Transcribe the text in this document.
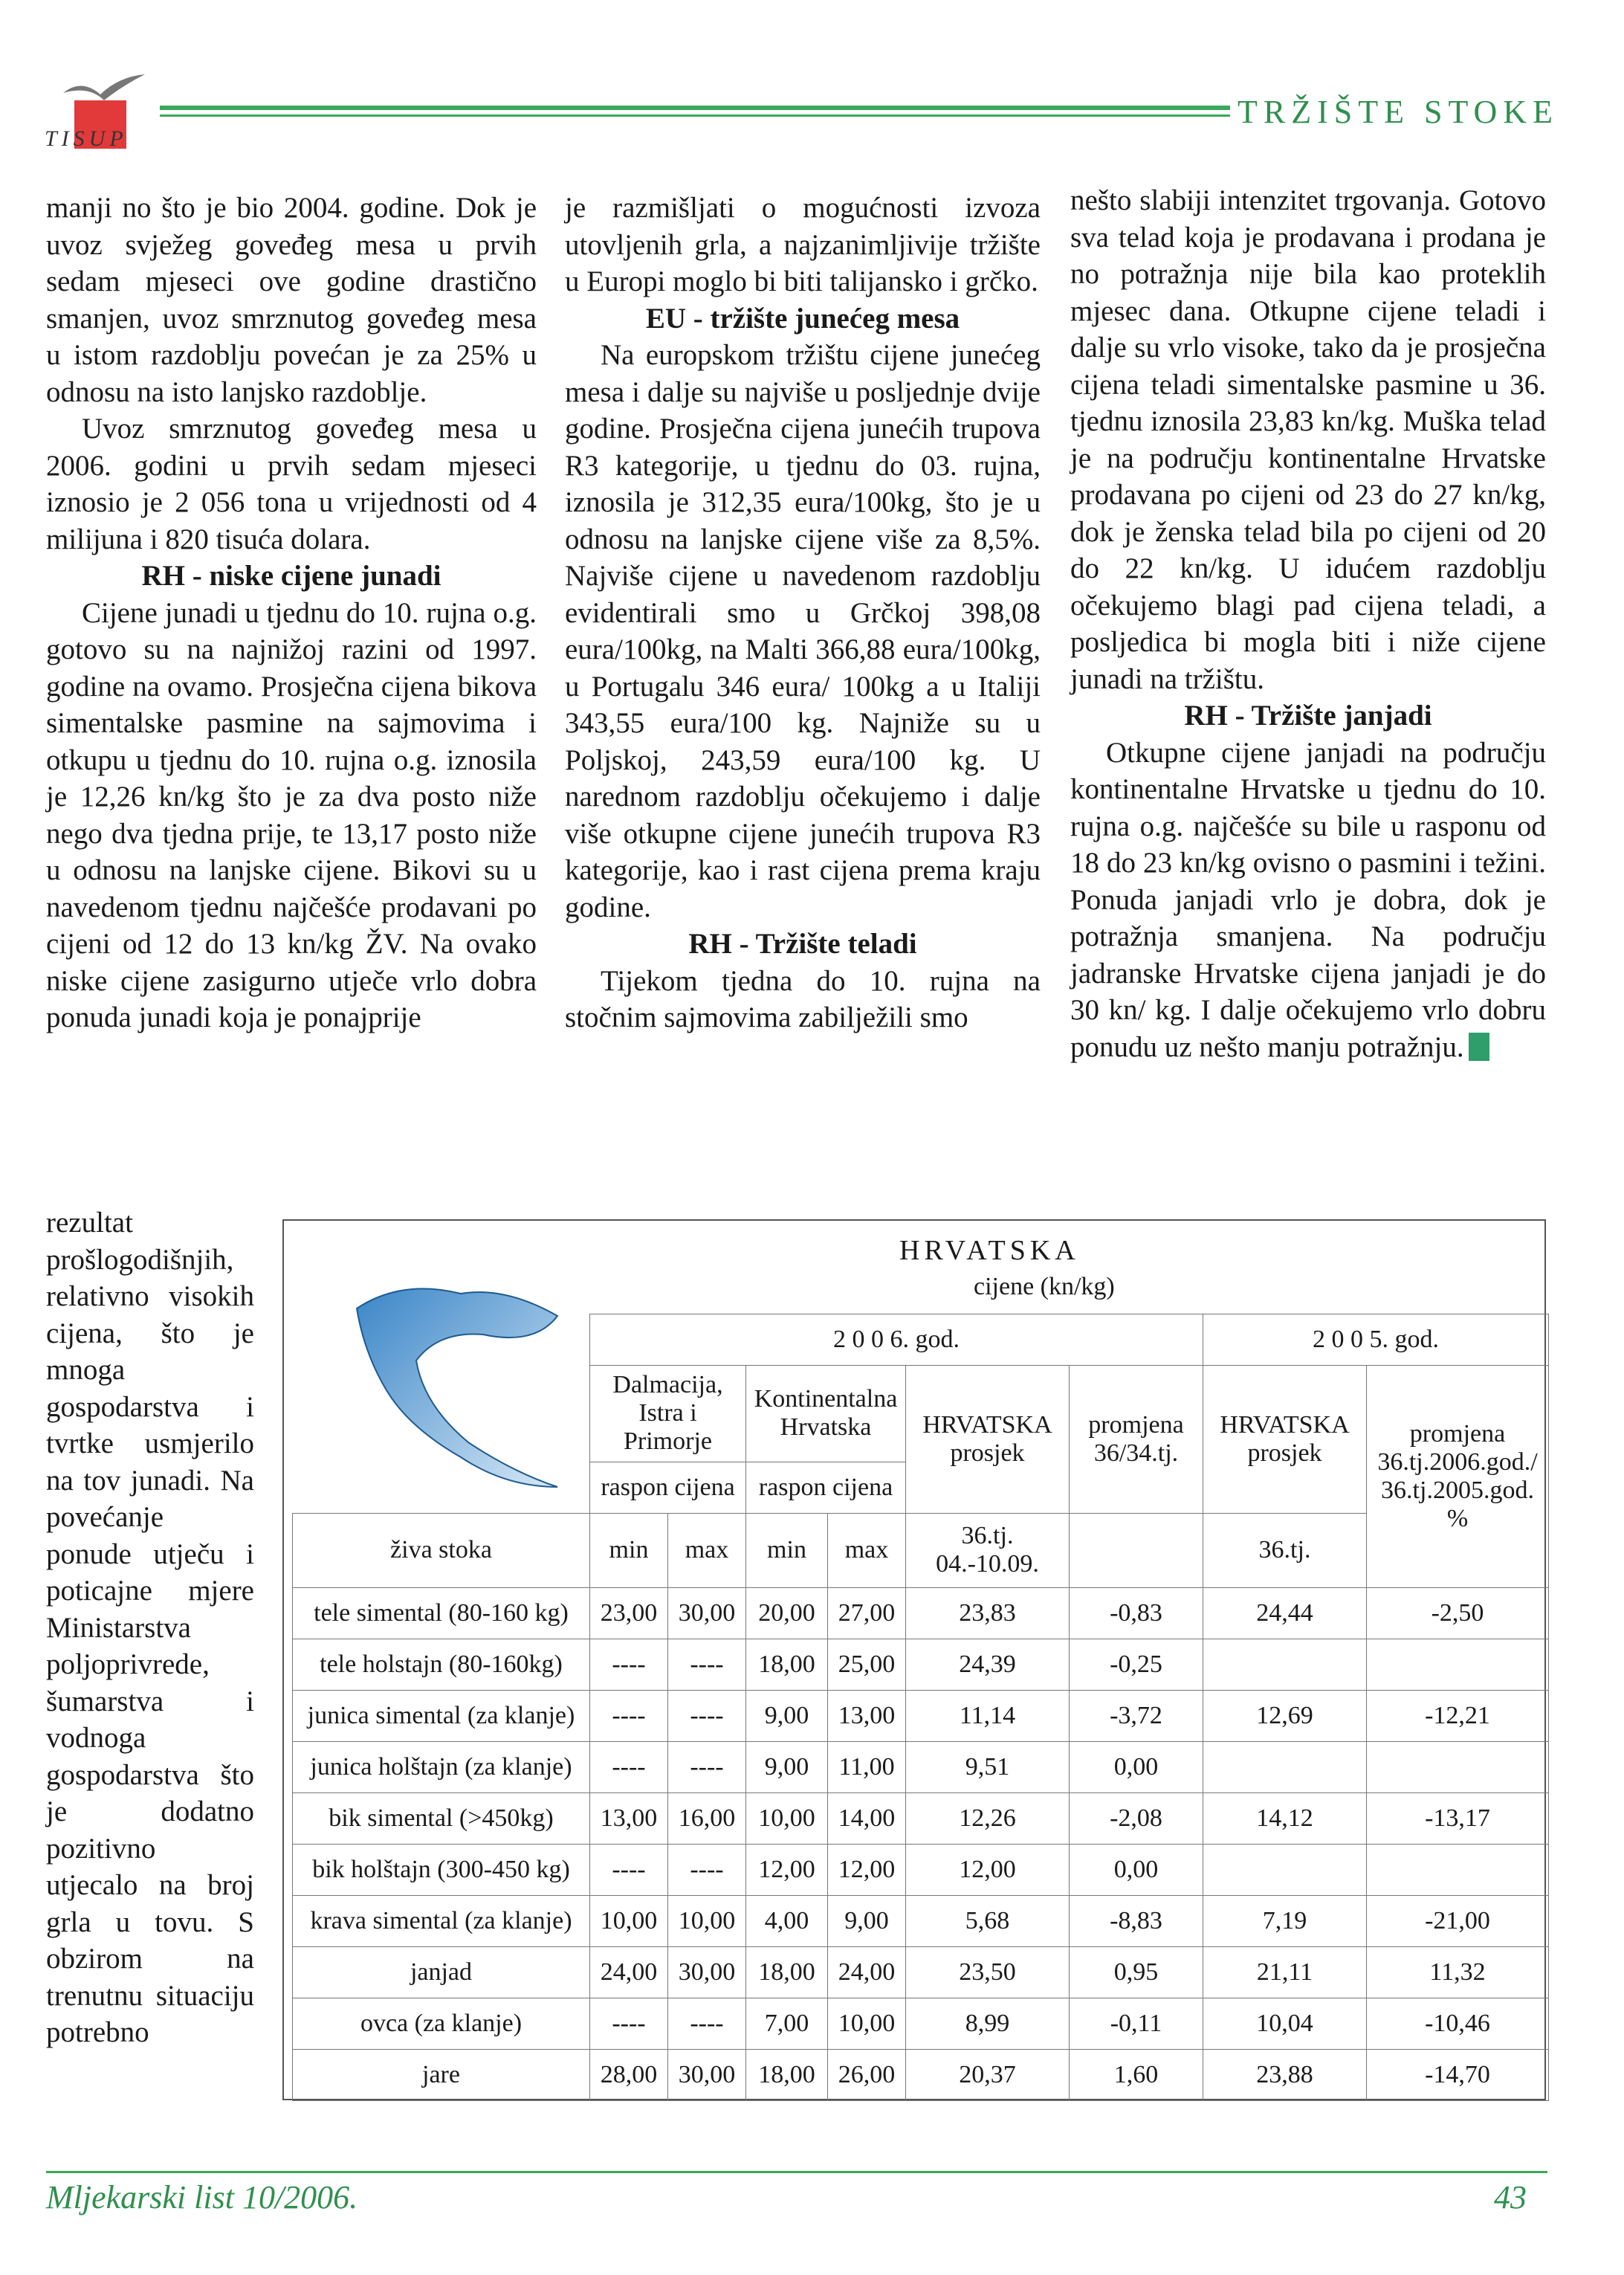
TISUP
TRŽIŠTE STOKE

manji no što je bio 2004. godine. Dok je uvoz svježeg goveđeg mesa u prvih sedam mjeseci ove godine drastično smanjen, uvoz smrznutog goveđeg mesa u istom razdoblju povećan je za 25% u odnosu na isto lanjsko razdoblje.

Uvoz smrznutog goveđeg mesa u 2006. godini u prvih sedam mjeseci iznosio je 2 056 tona u vrijednosti od 4 milijuna i 820 tisuća dolara.

RH - niske cijene junadi

Cijene junadi u tjednu do 10. rujna o.g. gotovo su na najnižoj razini od 1997. godine na ovamo. Prosječna cijena bikova simentalske pasmine na sajmovima i otkupu u tjednu do 10. rujna o.g. iznosila je 12,26 kn/kg što je za dva posto niže nego dva tjedna prije, te 13,17 posto niže u odnosu na lanjske cijene. Bikovi su u navedenom tjednu najčešće prodavani po cijeni od 12 do 13 kn/kg ŽV. Na ovako niske cijene zasigurno utječe vrlo dobra ponuda junadi koja je ponajprije

rezultat prošlogodišnjih, relativno visokih cijena, što je mnoga gospodarstva i tvrtke usmjerilo na tov junadi. Na povećanje ponude utječu i poticajne mjere Ministarstva poljoprivrede, šumarstva i vodnoga gospodarstva što je dodatno pozitivno utjecalo na broj grla u tovu. S obzirom na trenutnu situaciju potrebno

je razmišljati o mogućnosti izvoza utovljenih grla, a najzanimljivije tržište u Europi moglo bi biti talijansko i grčko.

EU - tržište junećeg mesa

Na europskom tržištu cijene junećeg mesa i dalje su najviše u posljednje dvije godine. Prosječna cijena junećih trupova R3 kategorije, u tjednu do 03. rujna, iznosila je 312,35 eura/100kg, što je u odnosu na lanjske cijene više za 8,5%. Najviše cijene u navedenom razdoblju evidentirali smo u Grčkoj 398,08 eura/100kg, na Malti 366,88 eura/100kg, u Portugalu 346 eura/ 100kg a u Italiji 343,55 eura/100 kg. Najniže su u Poljskoj, 243,59 eura/100 kg. U narednom razdoblju očekujemo i dalje više otkupne cijene junećih trupova R3 kategorije, kao i rast cijena prema kraju godine.

RH - Tržište teladi

Tijekom tjedna do 10. rujna na stočnim sajmovima zabilježili smo

nešto slabiji intenzitet trgovanja. Gotovo sva telad koja je prodavana i prodana je no potražnja nije bila kao proteklih mjesec dana. Otkupne cijene teladi i dalje su vrlo visoke, tako da je prosječna cijena teladi simentalske pasmine u 36. tjednu iznosila 23,83 kn/kg. Muška telad je na području kontinentalne Hrvatske prodavana po cijeni od 23 do 27 kn/kg, dok je ženska telad bila po cijeni od 20 do 22 kn/kg. U idućem razdoblju očekujemo blagi pad cijena teladi, a posljedica bi mogla biti i niže cijene junadi na tržištu.

RH - Tržište janjadi

Otkupne cijene janjadi na području kontinentalne Hrvatske u tjednu do 10. rujna o.g. najčešće su bile u rasponu od 18 do 23 kn/kg ovisno o pasmini i težini. Ponuda janjadi vrlo je dobra, dok je potražnja smanjena. Na području jadranske Hrvatske cijena janjadi je do 30 kn/ kg. I dalje očekujemo vrlo dobru ponudu uz nešto manju potražnju.

HRVATSKA
cijene (kn/kg)

	2 0 0 6. god.						2 0 0 5. god.	
	Dalmacija, Istra i Primorje		Kontinentalna Hrvatska		HRVATSKA prosjek	promjena 36/34.tj.	HRVATSKA prosjek	promjena 36.tj.2006.god./ 36.tj.2005.god. %
	raspon cijena		raspon cijena					
živa stoka	min	max	min	max	36.tj. 04.-10.09.		36.tj.	
tele simental (80-160 kg)	23,00	30,00	20,00	27,00	23,83	-0,83	24,44	-2,50
tele holstajn (80-160kg)	----	----	18,00	25,00	24,39	-0,25		
junica simental (za klanje)	----	----	9,00	13,00	11,14	-3,72	12,69	-12,21
junica holštajn (za klanje)	----	----	9,00	11,00	9,51	0,00		
bik simental (>450kg)	13,00	16,00	10,00	14,00	12,26	-2,08	14,12	-13,17
bik holštajn (300-450 kg)	----	----	12,00	12,00	12,00	0,00		
krava simental (za klanje)	10,00	10,00	4,00	9,00	5,68	-8,83	7,19	-21,00
janjad	24,00	30,00	18,00	24,00	23,50	0,95	21,11	11,32
ovca (za klanje)	----	----	7,00	10,00	8,99	-0,11	10,04	-10,46
jare	28,00	30,00	18,00	26,00	20,37	1,60	23,88	-14,70
Mljekarski list 10/2006.	43
